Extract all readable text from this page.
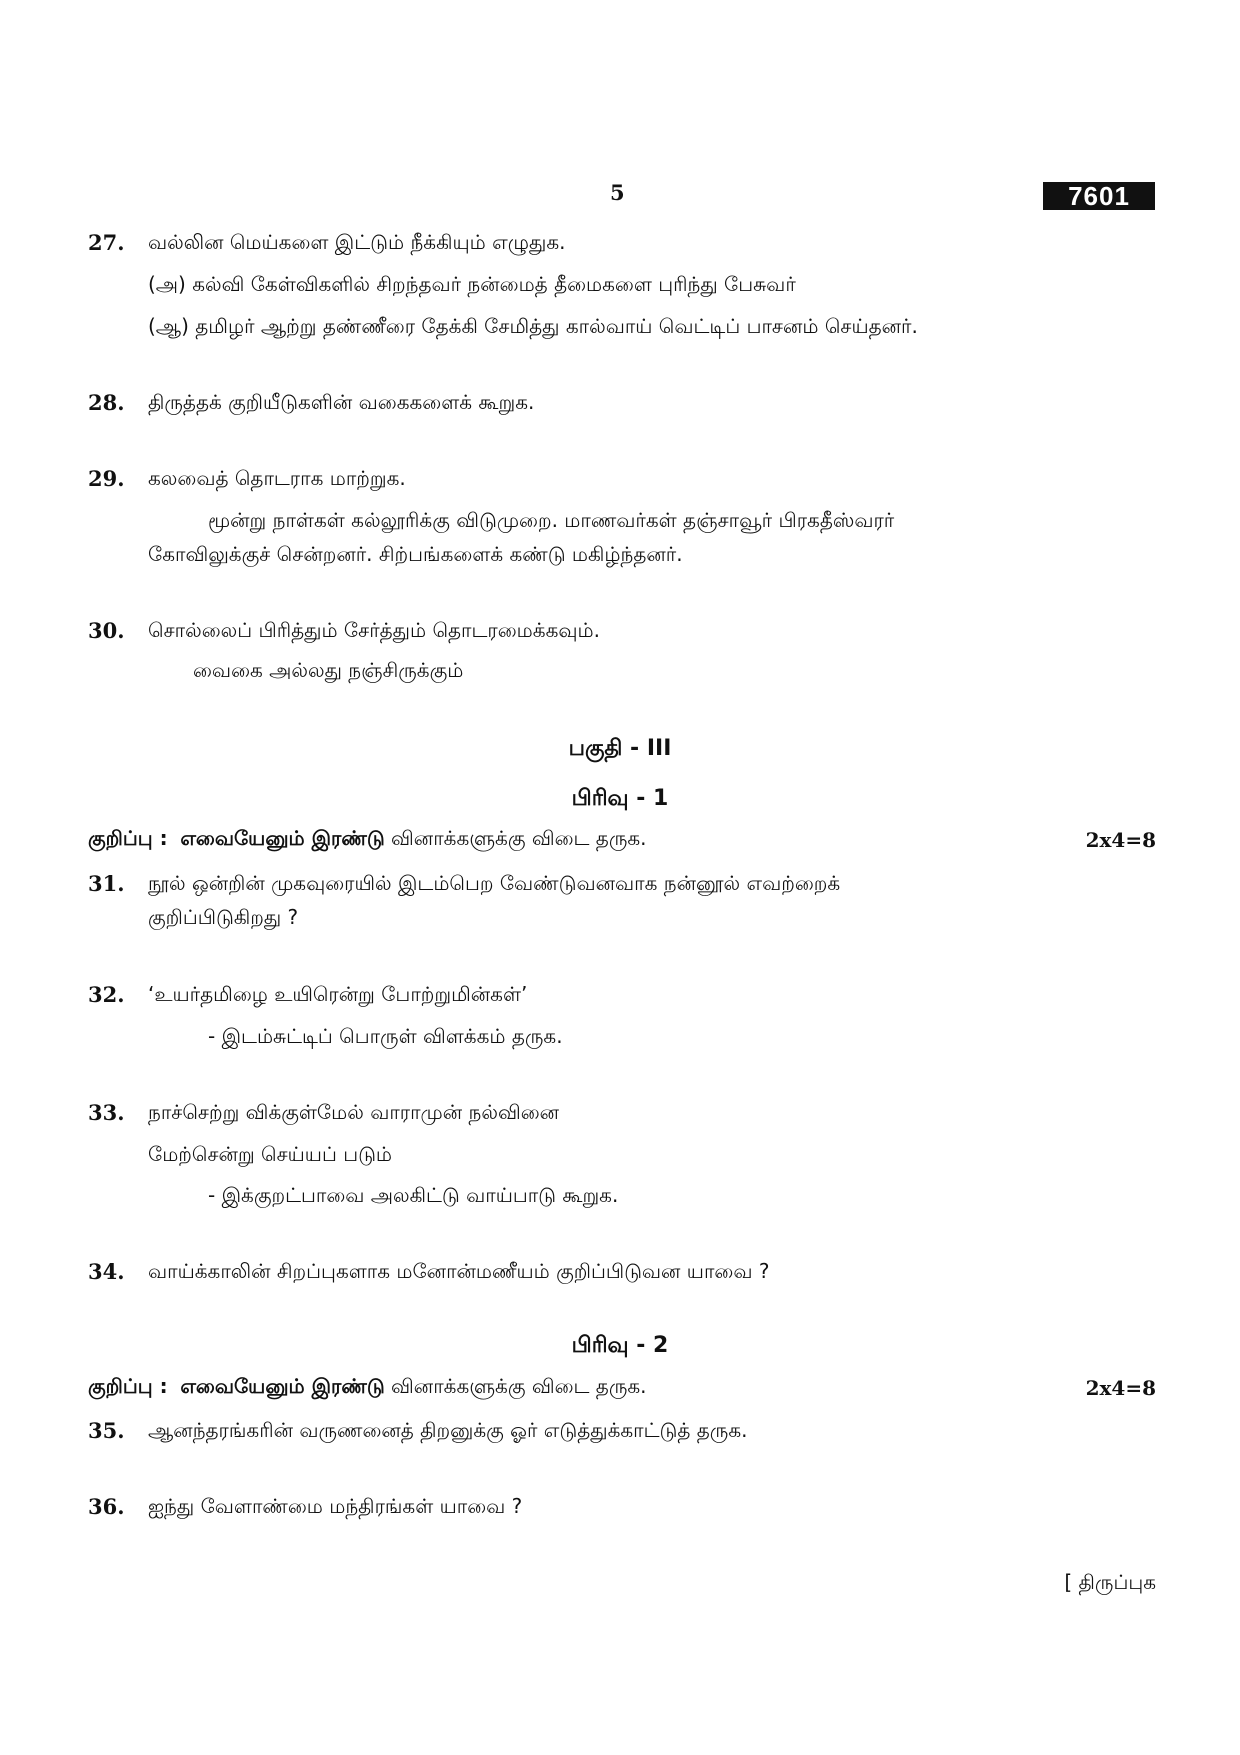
5	7601
27.	வல்லின மெய்களை இட்டும் நீக்கியும் எழுதுக.
(அ) கல்வி கேள்விகளில் சிறந்தவர் நன்மைத் தீமைகளை புரிந்து பேசுவர்
(ஆ) தமிழர் ஆற்று தண்ணீரை தேக்கி சேமித்து கால்வாய் வெட்டிப் பாசனம் செய்தனர்.
28.	திருத்தக் குறியீடுகளின் வகைகளைக் கூறுக.
29.	கலவைத் தொடராக மாற்றுக.
மூன்று நாள்கள் கல்லூரிக்கு விடுமுறை. மாணவர்கள் தஞ்சாவூர் பிரகதீஸ்வரர்
கோவிலுக்குச் சென்றனர். சிற்பங்களைக் கண்டு மகிழ்ந்தனர்.
30.	சொல்லைப் பிரித்தும் சேர்த்தும் தொடரமைக்கவும்.
வைகை அல்லது நஞ்சிருக்கும்
பகுதி - III
பிரிவு - 1
குறிப்பு : எவையேனும் இரண்டு வினாக்களுக்கு விடை தருக.	2x4=8
31.	நூல் ஒன்றின் முகவுரையில் இடம்பெற வேண்டுவனவாக நன்னூல் எவற்றைக்
குறிப்பிடுகிறது ?
32.	‘உயர்தமிழை உயிரென்று போற்றுமின்கள்’
- இடம்சுட்டிப் பொருள் விளக்கம் தருக.
33.	நாச்செற்று விக்குள்மேல் வாராமுன் நல்வினை
மேற்சென்று செய்யப் படும்
- இக்குறட்பாவை அலகிட்டு வாய்பாடு கூறுக.
34.	வாய்க்காலின் சிறப்புகளாக மனோன்மணீயம் குறிப்பிடுவன யாவை ?
பிரிவு - 2
குறிப்பு : எவையேனும் இரண்டு வினாக்களுக்கு விடை தருக.	2x4=8
35.	ஆனந்தரங்கரின் வருணனைத் திறனுக்கு ஓர் எடுத்துக்காட்டுத் தருக.
36.	ஐந்து வேளாண்மை மந்திரங்கள் யாவை ?
[ திருப்புக
